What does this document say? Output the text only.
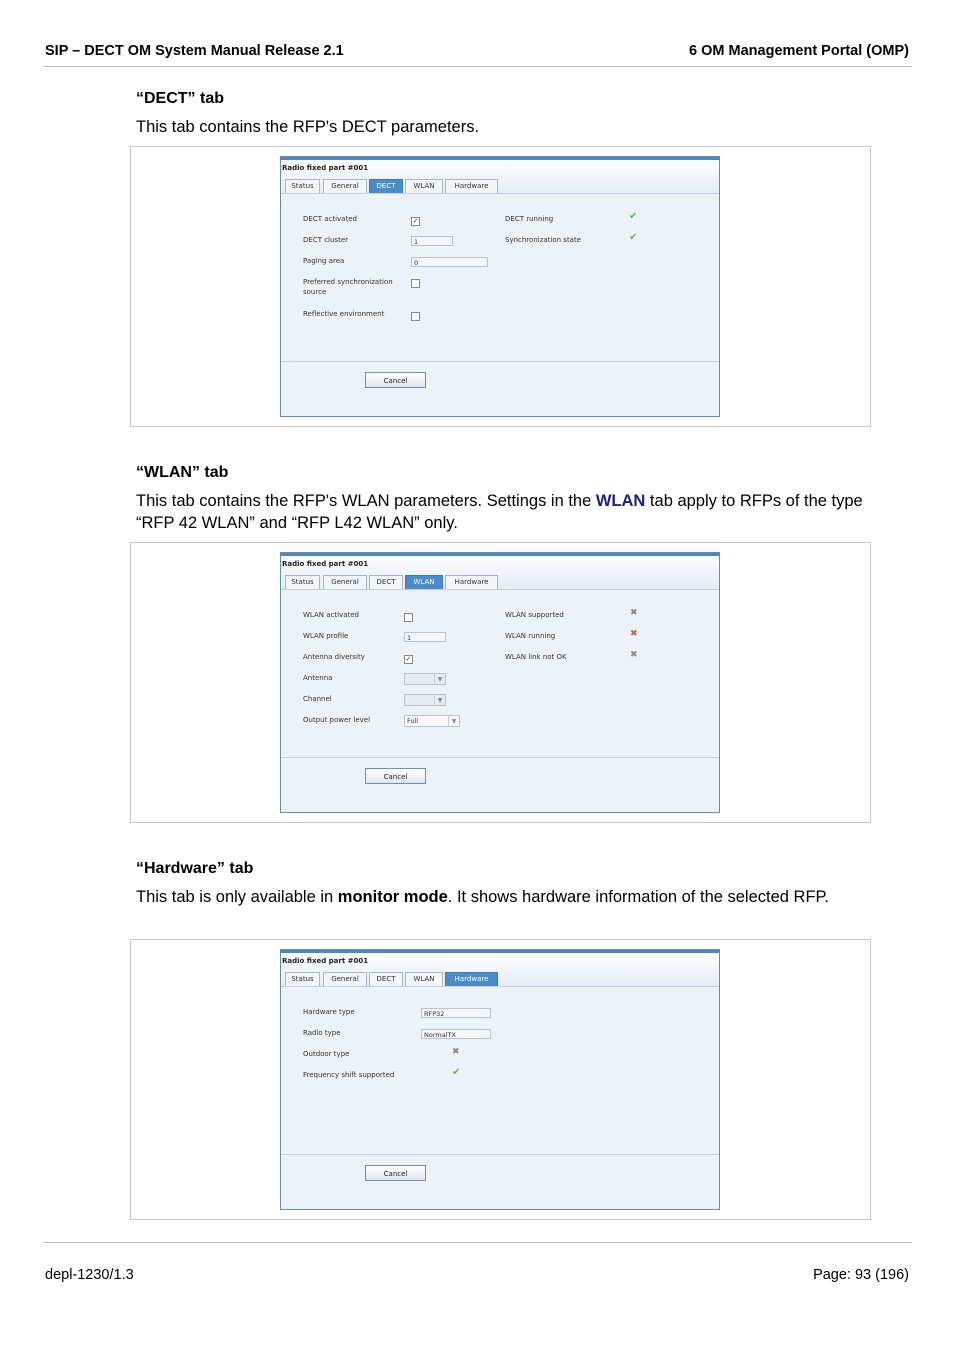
SIP – DECT OM System Manual Release 2.1	6 OM Management Portal (OMP)
“DECT” tab
This tab contains the RFP's DECT parameters.
Radio fixed part #001
Status	General	DECT	WLAN	Hardware
DECT activated	✓
DECT cluster	1
Paging area	0
Preferred synchronization source
Reflective environment
DECT running	✔
Synchronization state	✔
Cancel
“WLAN” tab
This tab contains the RFP's WLAN parameters. Settings in the WLAN tab apply to RFPs of the type “RFP 42 WLAN” and “RFP L42 WLAN” only.
Radio fixed part #001
Status	General	DECT	WLAN	Hardware
WLAN activated
WLAN profile	1
Antenna diversity	✓
Antenna	▼
Channel	▼
Output power level	Full	▼
WLAN supported	✖
WLAN running	✖
WLAN link not OK	✖
Cancel
“Hardware” tab
This tab is only available in monitor mode. It shows hardware information of the selected RFP.
Radio fixed part #001
Status	General	DECT	WLAN	Hardware
Hardware type	RFP32
Radio type	NormalTX
Outdoor type	✖
Frequency shift supported	✔
Cancel
depl-1230/1.3	Page: 93 (196)
